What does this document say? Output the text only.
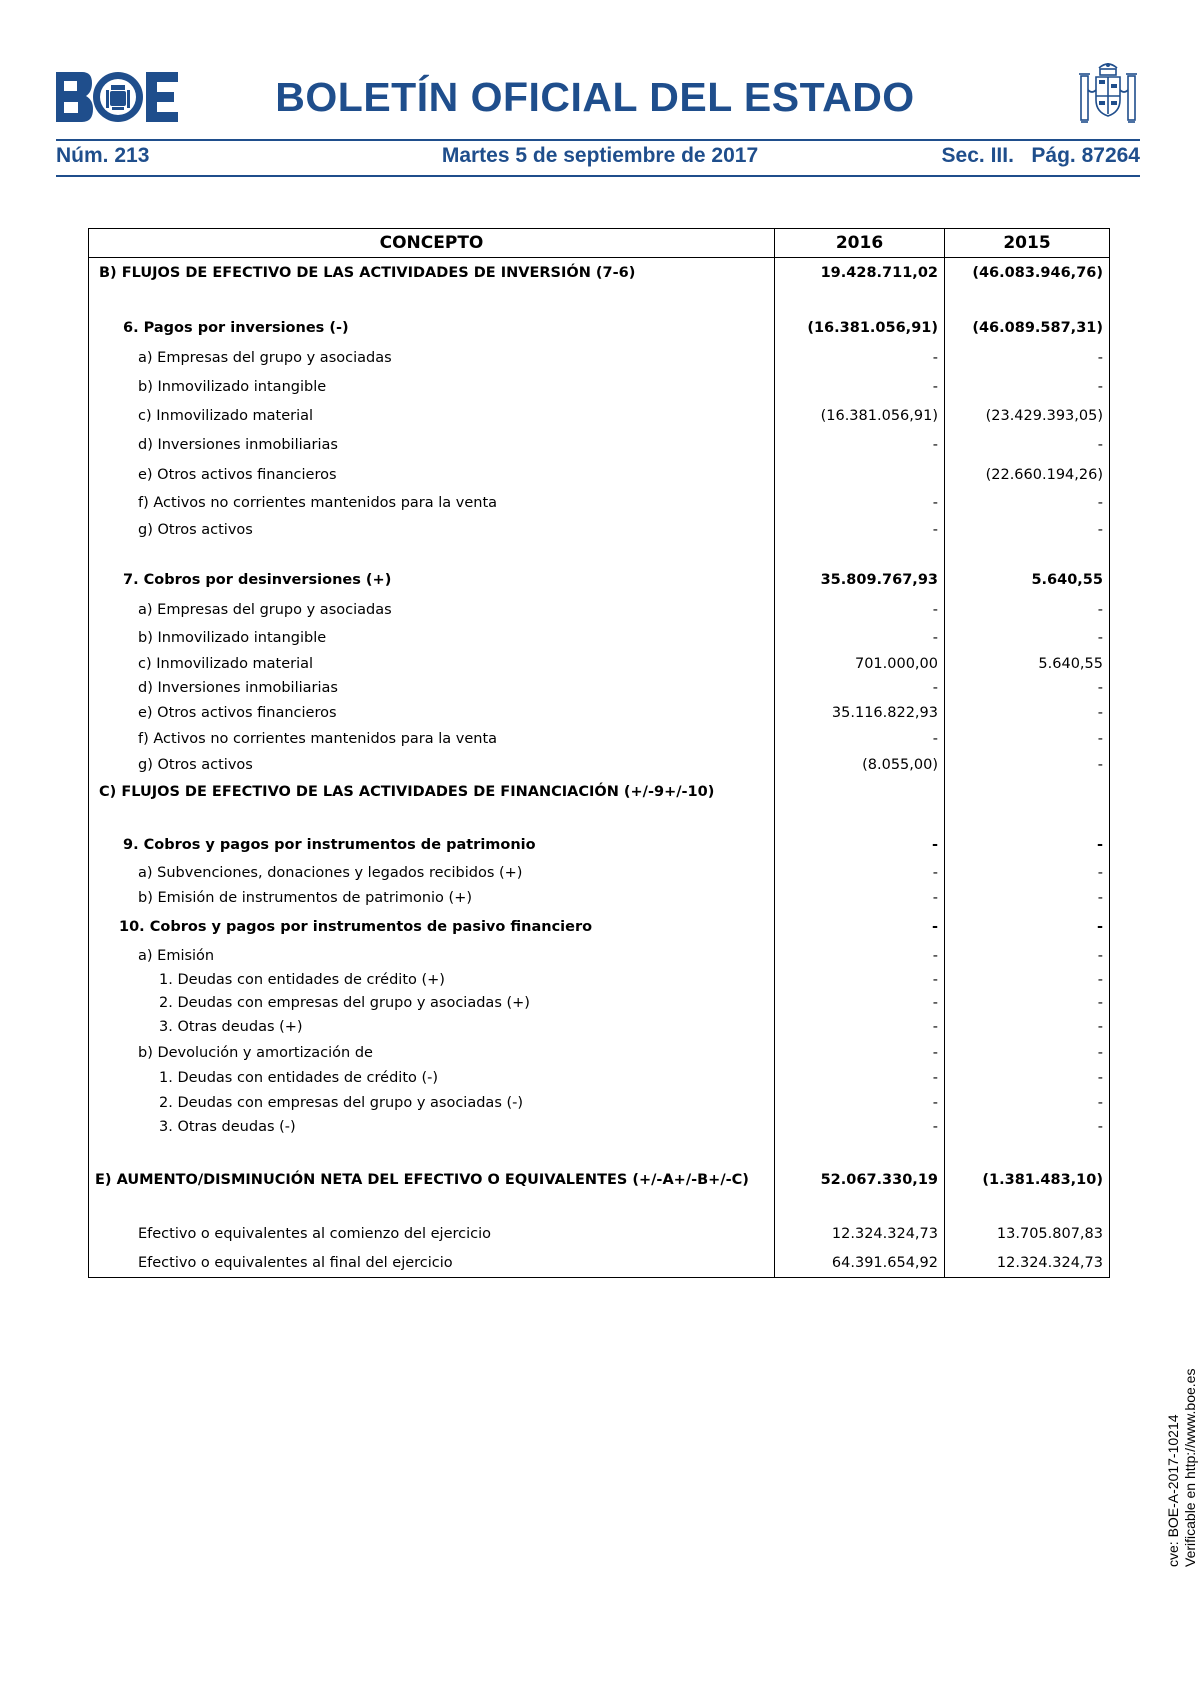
BOLETÍN OFICIAL DEL ESTADO
Núm. 213	Martes 5 de septiembre de 2017	Sec. III.   Pág. 87264
CONCEPTO	2016	2015
B) FLUJOS DE EFECTIVO DE LAS ACTIVIDADES DE INVERSIÓN (7-6)	19.428.711,02	(46.083.946,76)

6. Pagos por inversiones (-)	(16.381.056,91)	(46.089.587,31)
a) Empresas del grupo y asociadas	-	-
b) Inmovilizado intangible	-	-
c) Inmovilizado material	(16.381.056,91)	(23.429.393,05)
d) Inversiones inmobiliarias	-	-
e) Otros activos financieros		(22.660.194,26)
f) Activos no corrientes mantenidos para la venta	-	-
g) Otros activos	-	-

7. Cobros por desinversiones (+)	35.809.767,93	5.640,55
a) Empresas del grupo y asociadas	-	-
b) Inmovilizado intangible	-	-
c) Inmovilizado material	701.000,00	5.640,55
d) Inversiones inmobiliarias	-	-
e) Otros activos financieros	35.116.822,93	-
f) Activos no corrientes mantenidos para la venta	-	-
g) Otros activos	(8.055,00)	-
C) FLUJOS DE EFECTIVO DE LAS ACTIVIDADES DE FINANCIACIÓN (+/-9+/-10)		

9. Cobros y pagos por instrumentos de patrimonio	-	-
a) Subvenciones, donaciones y legados recibidos (+)	-	-
b) Emisión de instrumentos de patrimonio (+)	-	-
10. Cobros y pagos por instrumentos de pasivo financiero	-	-
a) Emisión	-	-
1. Deudas con entidades de crédito (+)	-	-
2. Deudas con empresas del grupo y asociadas (+)	-	-
3. Otras deudas (+)	-	-
b) Devolución y amortización de	-	-
1. Deudas con entidades de crédito (-)	-	-
2. Deudas con empresas del grupo y asociadas (-)	-	-
3. Otras deudas (-)	-	-

E) AUMENTO/DISMINUCIÓN NETA DEL EFECTIVO O EQUIVALENTES (+/-A+/-B+/-C)	52.067.330,19	(1.381.483,10)

Efectivo o equivalentes al comienzo del ejercicio	12.324.324,73	13.705.807,83
Efectivo o equivalentes al final del ejercicio	64.391.654,92	12.324.324,73
cve: BOE-A-2017-10214 Verificable en http://www.boe.es
